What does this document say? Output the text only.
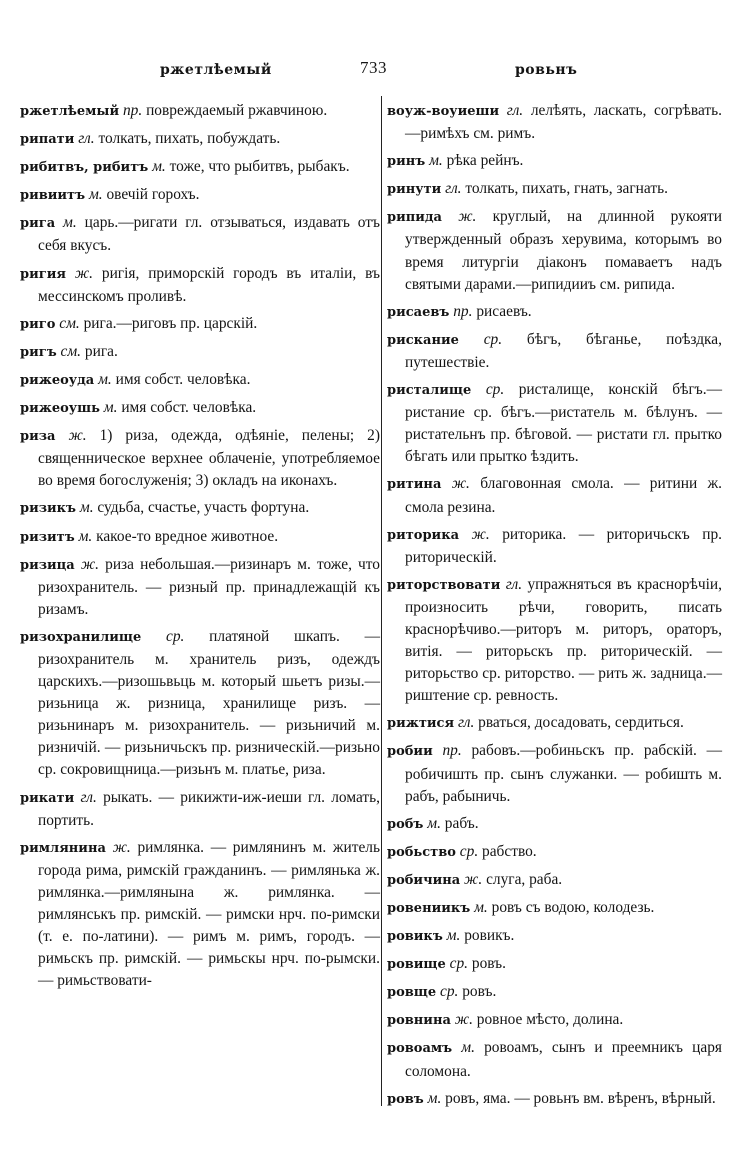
ржетлѣемый	733	ровьнъ

ржетлѣемый пр. повреждаемый ржавчиною.

рипати гл. толкать, пихать, побуждать.

рибитвъ, рибитъ м. тоже, что рыбитвъ, рыбакъ.

ривиитъ м. овечій горохъ.

рига м. царь.—ригати гл. отзываться, издавать отъ себя вкусъ.

ригия ж. ригія, приморскій городъ въ италіи, въ мессинскомъ проливѣ.

риго см. рига.—риговъ пр. царскій.

ригъ см. рига.

рижеоуда м. имя собст. человѣка.

рижеоушь м. имя собст. человѣка.

риза ж. 1) риза, одежда, одѣяніе, пелены; 2) священническое верхнее облаченіе, употребляемое во время богослуженія; 3) окладъ на иконахъ.

ризикъ м. судьба, счастье, участь фортуна.

ризитъ м. какое-то вредное животное.

ризица ж. риза небольшая.—ризинаръ м. тоже, что ризохранитель. — ризный пр. принадлежащій къ ризамъ.

ризохранилище ср. платяной шкапъ. —ризохранитель м. хранитель ризъ, одеждъ царскихъ.—ризошьвьць м. который шьетъ ризы.—ризьница ж. ризница, хранилище ризъ. — ризьнинаръ м. ризохранитель. — ризьничий м. ризничій. — ризьничьскъ пр. ризническій.—ризьно ср. сокровищница.—ризьнъ м. платье, риза.

рикати гл. рыкать. — рикижти-иж-иеши гл. ломать, портить.

римлянина ж. римлянка. — римлянинъ м. житель города рима, римскій гражданинъ. — римлянька ж. римлянка.—римлянына ж. римлянка. — римлянськъ пр. римскій. — римски нрч. по-римски (т. е. по-латини). — римъ м. римъ, городъ. — римьскъ пр. римскій. — римьскы нрч. по-рымски. — римьствовати-

воуж-воуиеши гл. лелѣять, ласкать, согрѣвать.—римѣхъ см. римъ.

ринъ м. рѣка рейнъ.

ринути гл. толкать, пихать, гнать, загнать.

рипида ж. круглый, на длинной рукояти утвержденный образъ херувима, которымъ во время литургіи діаконъ помаваетъ надъ святыми дарами.—рипидииъ см. рипида.

рисаевъ пр. рисаевъ.

рискание ср. бѣгъ, бѣганье, поѣздка, путешествіе.

ристалище ср. ристалище, конскій бѣгъ.—ристание ср. бѣгъ.—ристатель м. бѣлунъ. — ристательнъ пр. бѣговой. — ристати гл. прытко бѣгать или прытко ѣздить.

ритина ж. благовонная смола. — ритини ж. смола резина.

риторика ж. риторика. — риторичьскъ пр. риторическій.

риторствовати гл. упражняться въ краснорѣчіи, произносить рѣчи, говорить, писать краснорѣчиво.—риторъ м. риторъ, ораторъ, витія. — риторьскъ пр. риторическій. — риторьство ср. риторство. — рить ж. задница.—риштение ср. ревность.

рижтися гл. рваться, досадовать, сердиться.

робии пр. рабовъ.—робиньскъ пр. рабскій. — робичишть пр. сынъ служанки. — робишть м. рабъ, рабыничь.

робъ м. рабъ.

робьство ср. рабство.

робичина ж. слуга, раба.

ровениикъ м. ровъ съ водою, колодезь.

ровикъ м. ровикъ.

ровище ср. ровъ.

ровще ср. ровъ.

ровнина ж. ровное мѣсто, долина.

ровоамъ м. ровоамъ, сынъ и преемникъ царя соломона.

ровъ м. ровъ, яма. — ровьнъ вм. вѣренъ, вѣрный.
